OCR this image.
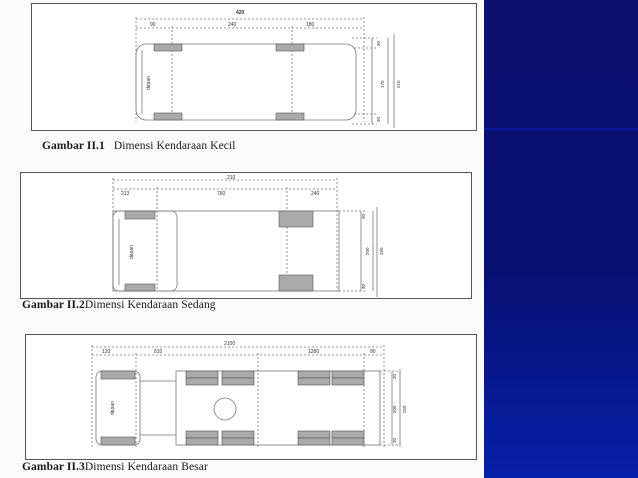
420
90	240	180
30
170
30
210
depan
Gambar II.1 Dimensi Kendaraan Kecil
210
213	760	240
30
200
30
260
depan
Gambar II.2Dimensi Kendaraan Sedang
2100
120	810	1280	90
30
200
30
250
depan
Gambar II.3Dimensi Kendaraan Besar
